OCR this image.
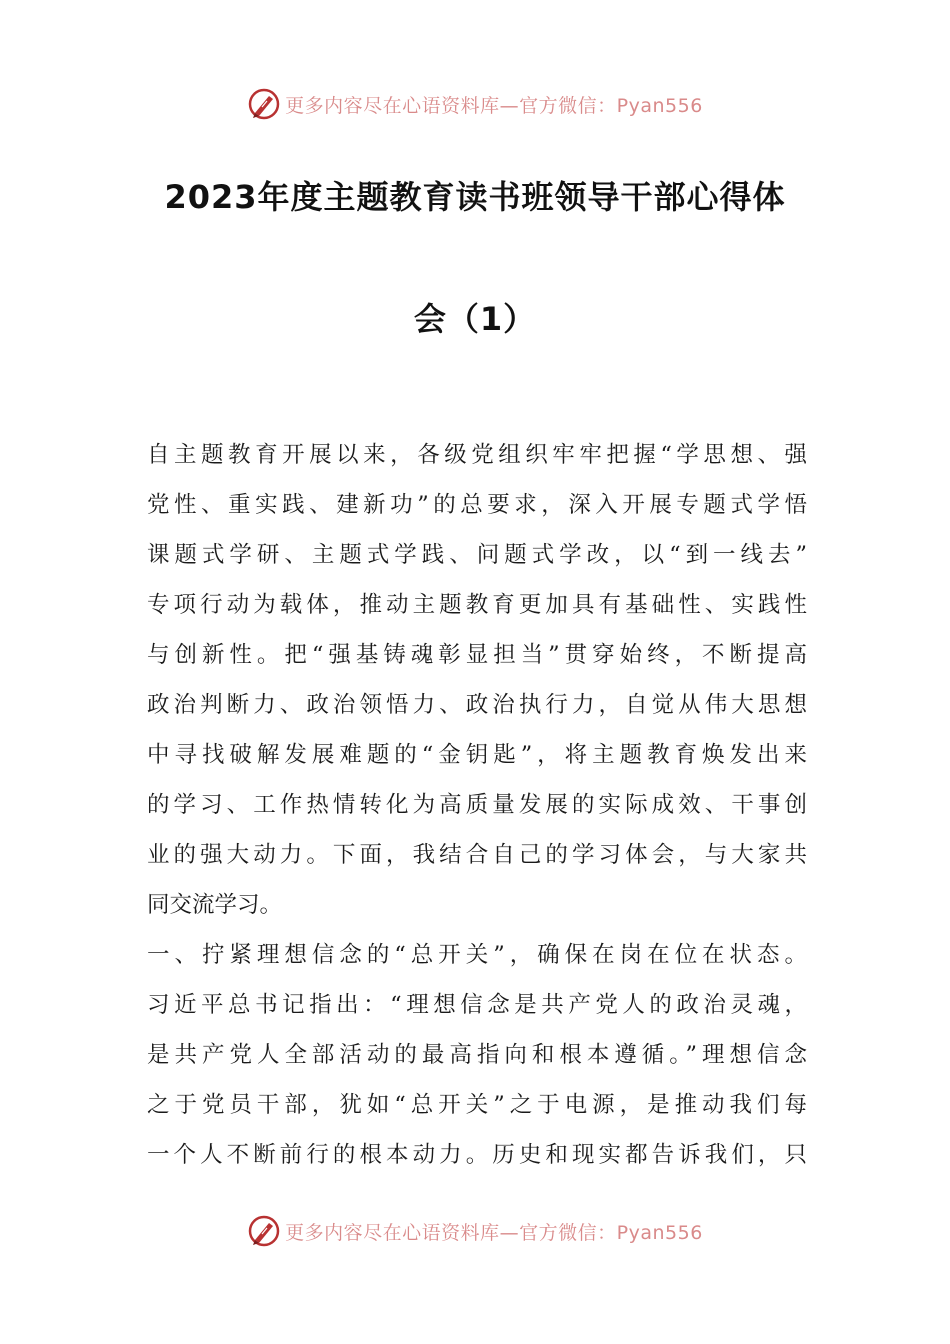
更多内容尽在心语资料库—官方微信：Pyan556
2023年度主题教育读书班领导干部心得体
会（1）
自主题教育开展以来，各级党组织牢牢把握“学思想、强
党性、重实践、建新功”的总要求，深入开展专题式学悟
课题式学研、主题式学践、问题式学改，以“到一线去”
专项行动为载体，推动主题教育更加具有基础性、实践性
与创新性。把“强基铸魂彰显担当”贯穿始终，不断提高
政治判断力、政治领悟力、政治执行力，自觉从伟大思想
中寻找破解发展难题的“金钥匙”，将主题教育焕发出来
的学习、工作热情转化为高质量发展的实际成效、干事创
业的强大动力。下面，我结合自己的学习体会，与大家共
同交流学习。
一、拧紧理想信念的“总开关”，确保在岗在位在状态。
习近平总书记指出：“理想信念是共产党人的政治灵魂，
是共产党人全部活动的最高指向和根本遵循。”理想信念
之于党员干部，犹如“总开关”之于电源，是推动我们每
一个人不断前行的根本动力。历史和现实都告诉我们，只
更多内容尽在心语资料库—官方微信：Pyan556
